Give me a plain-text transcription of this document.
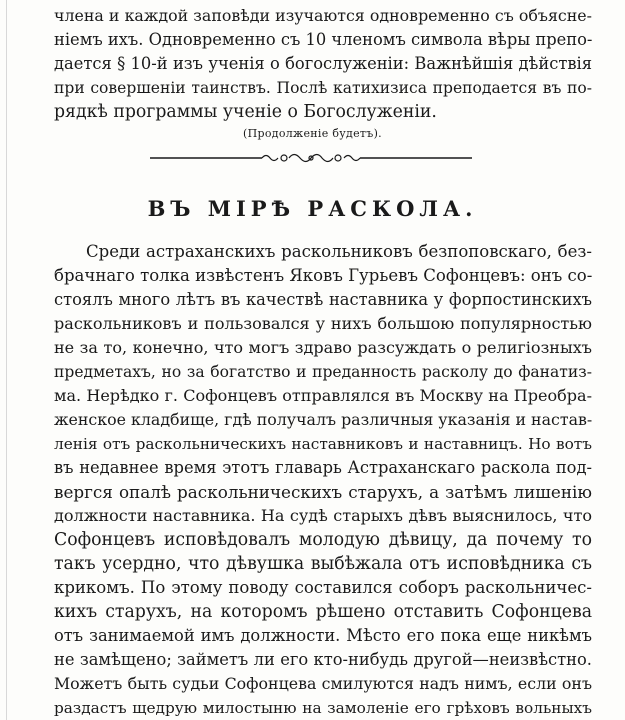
члена и каждой заповѣди изучаются одновременно съ объясне-
ніемъ ихъ. Одновременно съ 10 членомъ символа вѣры препо-
дается § 10-й изъ ученія о богослуженіи: Важнѣйшія дѣйствія
при совершеніи таинствъ. Послѣ катихизиса преподается въ по-
рядкѣ программы ученіе о Богослуженіи.
(Продолженіе будетъ).
ВЪ МІРѢ РАСКОЛА.
Среди астраханскихъ раскольниковъ безпоповскаго, без-
брачнаго толка извѣстенъ Яковъ Гурьевъ Софонцевъ: онъ со-
стоялъ много лѣтъ въ качествѣ наставника у форпостинскихъ
раскольниковъ и пользовался у нихъ большою популярностью
не за то, конечно, что могъ здраво разсуждать о религіозныхъ
предметахъ, но за богатство и преданность расколу до фанатиз-
ма. Нерѣдко г. Софонцевъ отправлялся въ Москву на Преобра-
женское кладбище, гдѣ получалъ различныя указанія и настав-
ленія отъ раскольническихъ наставниковъ и наставницъ. Но вотъ
въ недавнее время этотъ главарь Астраханскаго раскола под-
вергся опалѣ раскольническихъ старухъ, а затѣмъ лишенію
должности наставника. На судѣ старыхъ дѣвъ выяснилось, что
Софонцевъ исповѣдовалъ молодую дѣвицу, да почему то
такъ усердно, что дѣвушка выбѣжала отъ исповѣдника съ
крикомъ. По этому поводу составился соборъ раскольничес-
кихъ старухъ, на которомъ рѣшено отставить Софонцева
отъ занимаемой имъ должности. Мѣсто его пока еще никѣмъ
не замѣщено; займетъ ли его кто-нибудь другой—неизвѣстно.
Можетъ быть судьи Софонцева смилуются надъ нимъ, если онъ
раздастъ щедрую милостыню на замоленіе его грѣховъ вольныхъ
